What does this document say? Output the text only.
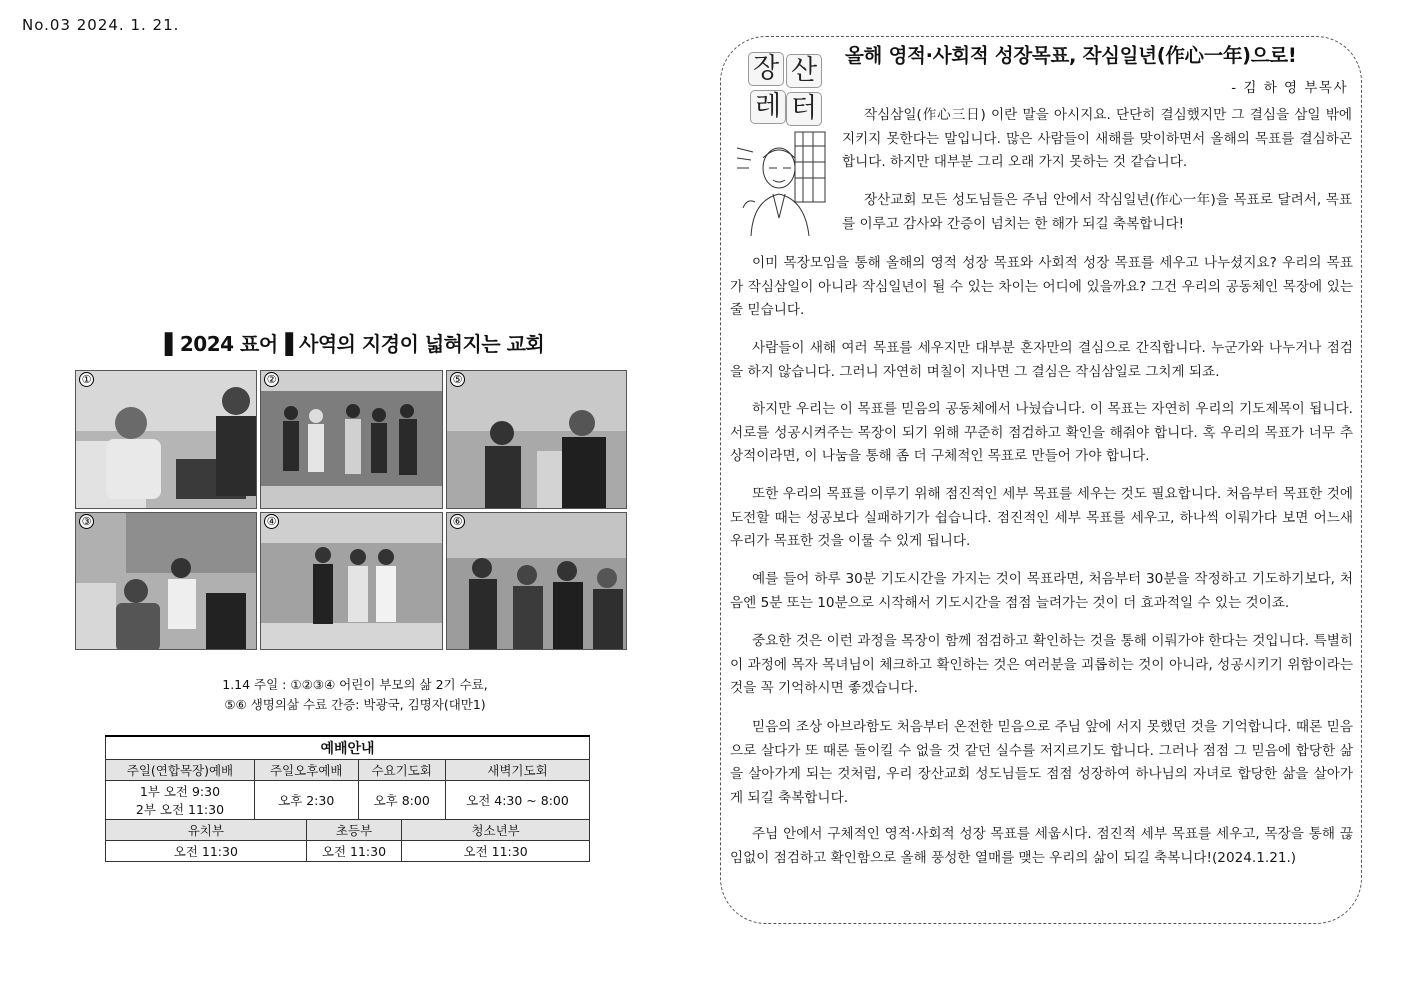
No.03 2024. 1. 21.
▌2024 표어▐ 사역의 지경이 넓혀지는 교회
①	②	⑤
③	④	⑥
1.14 주일 : ①②③④ 어린이 부모의 삶 2기 수료,
⑤⑥ 생명의삶 수료 간증: 박광국, 김명자(대만1)
예배안내					
주일(연합목장)예배	주일오후예배		수요기도회		새벽기도회

1부 오전 9:30
2부 오전 11:30	오후 2:30		오후 8:00		오전 4:30 ~ 8:00
유치부		초등부		청소년부	
오전 11:30		오전 11:30		오전 11:30	
장 산
레 터
올해 영적·사회적 성장목표, 작심일년(作心一年)으로!
- 김 하 영 부목사
작심삼일(作心三日) 이란 말을 아시지요. 단단히 결심했지만 그 결심을 삼일 밖에 지키지 못한다는 말입니다. 많은 사람들이 새해를 맞이하면서 올해의 목표를 결심하곤 합니다. 하지만 대부분 그리 오래 가지 못하는 것 같습니다.
장산교회 모든 성도님들은 주님 안에서 작심일년(作心一年)을 목표로 달려서, 목표를 이루고 감사와 간증이 넘치는 한 해가 되길 축복합니다!
이미 목장모임을 통해 올해의 영적 성장 목표와 사회적 성장 목표를 세우고 나누셨지요? 우리의 목표가 작심삼일이 아니라 작심일년이 될 수 있는 차이는 어디에 있을까요? 그건 우리의 공동체인 목장에 있는 줄 믿습니다.
사람들이 새해 여러 목표를 세우지만 대부분 혼자만의 결심으로 간직합니다. 누군가와 나누거나 점검을 하지 않습니다. 그러니 자연히 며칠이 지나면 그 결심은 작심삼일로 그치게 되죠.
하지만 우리는 이 목표를 믿음의 공동체에서 나눴습니다. 이 목표는 자연히 우리의 기도제목이 됩니다. 서로를 성공시켜주는 목장이 되기 위해 꾸준히 점검하고 확인을 해줘야 합니다. 혹 우리의 목표가 너무 추상적이라면, 이 나눔을 통해 좀 더 구체적인 목표로 만들어 가야 합니다.
또한 우리의 목표를 이루기 위해 점진적인 세부 목표를 세우는 것도 필요합니다. 처음부터 목표한 것에 도전할 때는 성공보다 실패하기가 쉽습니다. 점진적인 세부 목표를 세우고, 하나씩 이뤄가다 보면 어느새 우리가 목표한 것을 이룰 수 있게 됩니다.
예를 들어 하루 30분 기도시간을 가지는 것이 목표라면, 처음부터 30분을 작정하고 기도하기보다, 처음엔 5분 또는 10분으로 시작해서 기도시간을 점점 늘려가는 것이 더 효과적일 수 있는 것이죠.
중요한 것은 이런 과정을 목장이 함께 점검하고 확인하는 것을 통해 이뤄가야 한다는 것입니다. 특별히 이 과정에 목자 목녀님이 체크하고 확인하는 것은 여러분을 괴롭히는 것이 아니라, 성공시키기 위함이라는 것을 꼭 기억하시면 좋겠습니다.
믿음의 조상 아브라함도 처음부터 온전한 믿음으로 주님 앞에 서지 못했던 것을 기억합니다. 때론 믿음으로 살다가 또 때론 돌이킬 수 없을 것 같던 실수를 저지르기도 합니다. 그러나 점점 그 믿음에 합당한 삶을 살아가게 되는 것처럼, 우리 장산교회 성도님들도 점점 성장하여 하나님의 자녀로 합당한 삶을 살아가게 되길 축복합니다.
주님 안에서 구체적인 영적·사회적 성장 목표를 세웁시다. 점진적 세부 목표를 세우고, 목장을 통해 끊임없이 점검하고 확인함으로 올해 풍성한 열매를 맺는 우리의 삶이 되길 축복니다!(2024.1.21.)
